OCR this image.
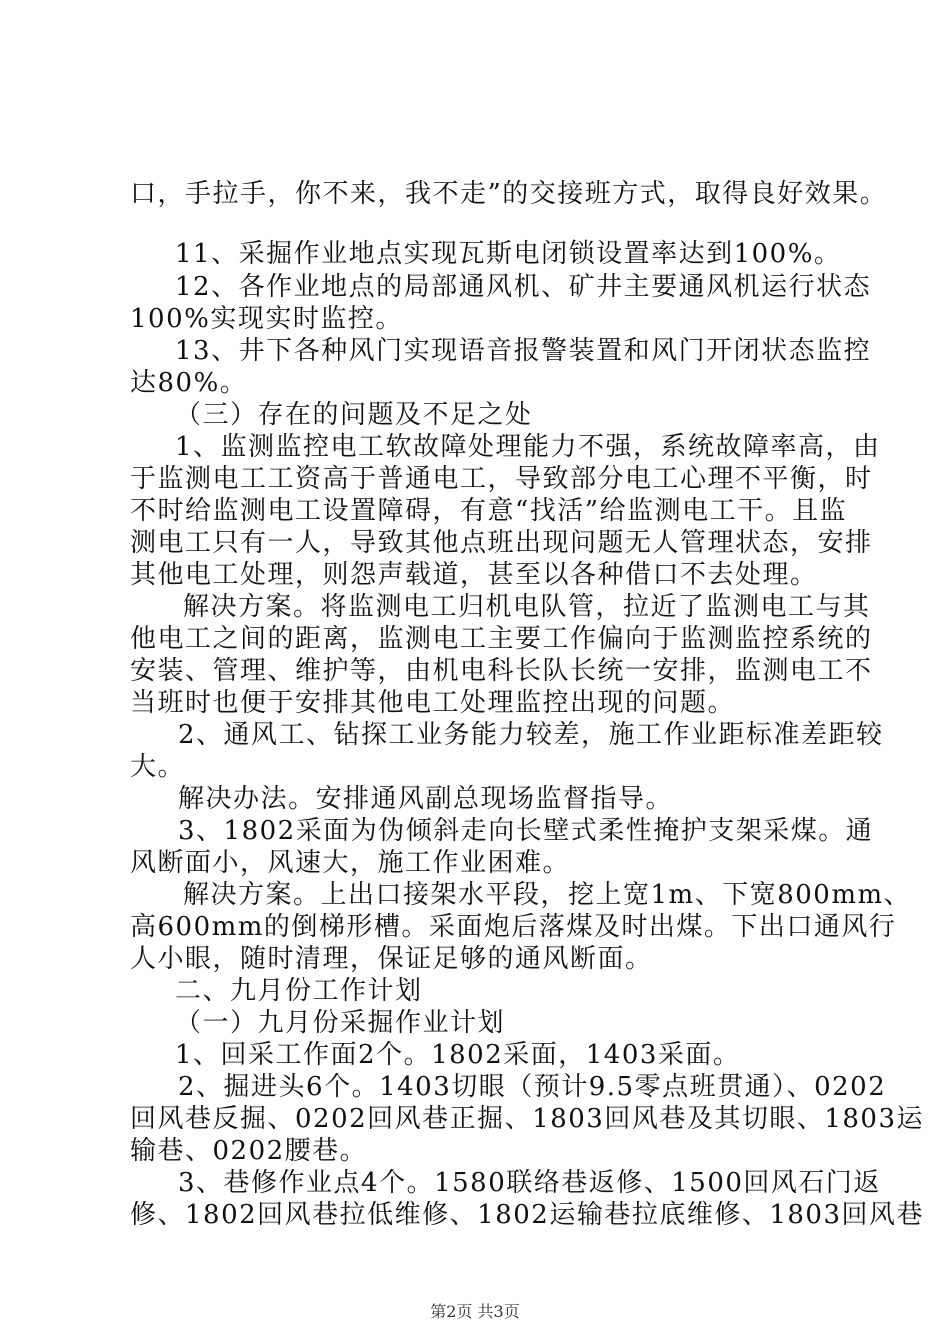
口，手拉手，你不来，我不走”的交接班方式，取得良好效果。
11、采掘作业地点实现瓦斯电闭锁设置率达到100%。
12、各作业地点的局部通风机、矿井主要通风机运行状态
100%实现实时监控。
13、井下各种风门实现语音报警装置和风门开闭状态监控
达80%。
（三）存在的问题及不足之处
1、监测监控电工软故障处理能力不强，系统故障率高，由
于监测电工工资高于普通电工，导致部分电工心理不平衡，时
不时给监测电工设置障碍，有意“找活”给监测电工干。且监
测电工只有一人，导致其他点班出现问题无人管理状态，安排
其他电工处理，则怨声载道，甚至以各种借口不去处理。
解决方案。将监测电工归机电队管，拉近了监测电工与其
他电工之间的距离，监测电工主要工作偏向于监测监控系统的
安装、管理、维护等，由机电科长队长统一安排，监测电工不
当班时也便于安排其他电工处理监控出现的问题。
2、通风工、钻探工业务能力较差，施工作业距标准差距较
大。
解决办法。安排通风副总现场监督指导。
3、1802采面为伪倾斜走向长壁式柔性掩护支架采煤。通
风断面小，风速大，施工作业困难。
解决方案。上出口接架水平段，挖上宽1m、下宽800mm、
高600mm的倒梯形槽。采面炮后落煤及时出煤。下出口通风行
人小眼，随时清理，保证足够的通风断面。
二、九月份工作计划
（一）九月份采掘作业计划
1、回采工作面2个。1802采面，1403采面。
2、掘进头6个。1403切眼（预计9.5零点班贯通）、0202
回风巷反掘、0202回风巷正掘、1803回风巷及其切眼、1803运
输巷、0202腰巷。
3、巷修作业点4个。1580联络巷返修、1500回风石门返
修、1802回风巷拉低维修、1802运输巷拉底维修、1803回风巷
第2页 共3页
